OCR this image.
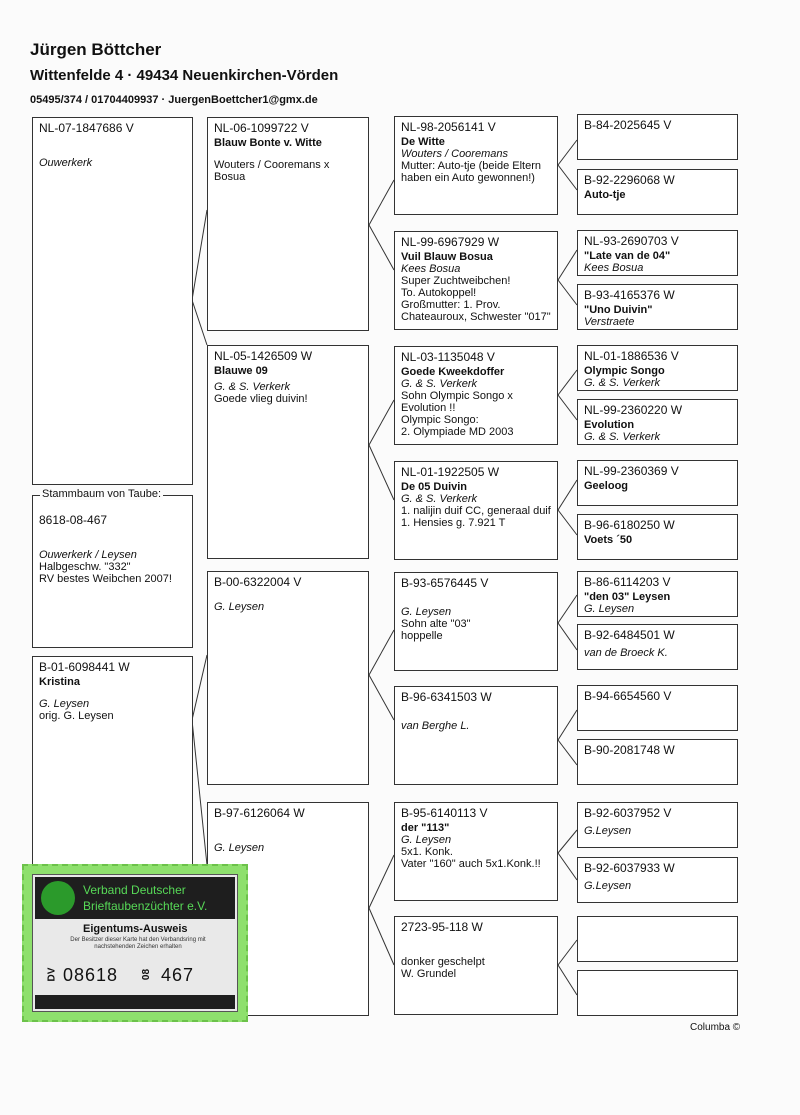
Jürgen Böttcher
Wittenfelde 4 · 49434 Neuenkirchen-Vörden
05495/374 / 01704409937 · JuergenBoettcher1@gmx.de
NL-07-1847686 V
Ouwerkerk
8618-08-467
Ouwerkerk / Leysen
Halbgeschw. "332"
RV bestes Weibchen 2007!
Stammbaum von Taube:
B-01-6098441 W
Kristina
G. Leysen
orig. G. Leysen
NL-06-1099722 V
Blauw Bonte v. Witte
Wouters / Cooremans x Bosua
NL-05-1426509 W
Blauwe 09
G. & S. Verkerk
Goede vlieg duivin!
B-00-6322004 V
G. Leysen
B-97-6126064 W
G. Leysen
NL-98-2056141 V
De Witte
Wouters / Cooremans
Mutter: Auto-tje (beide Eltern
haben ein Auto gewonnen!)
NL-99-6967929 W
Vuil Blauw Bosua
Kees Bosua
Super Zuchtweibchen!
To. Autokoppel!
Großmutter: 1. Prov.
Chateauroux, Schwester "017"
NL-03-1135048 V
Goede Kweekdoffer
G. & S. Verkerk
Sohn Olympic Songo x
Evolution !!
Olympic Songo:
2. Olympiade MD 2003
NL-01-1922505 W
De 05 Duivin
G. & S. Verkerk
1. nalijin duif CC, generaal duif
1. Hensies g. 7.921 T
B-93-6576445 V
G. Leysen
Sohn alte "03"
hoppelle
B-96-6341503 W
van Berghe L.
B-95-6140113 V
der "113"
G. Leysen
5x1. Konk.
Vater "160" auch 5x1.Konk.!!
2723-95-118 W
donker geschelpt
W. Grundel
B-84-2025645 V
B-92-2296068 W
Auto-tje
NL-93-2690703 V
"Late van de 04"
Kees Bosua
B-93-4165376 W
"Uno Duivin"
Verstraete
NL-01-1886536 V
Olympic Songo
G. & S. Verkerk
NL-99-2360220 W
Evolution
G. & S. Verkerk
NL-99-2360369 V
Geeloog
B-96-6180250 W
Voets ´50
B-86-6114203 V
"den 03" Leysen
G. Leysen
B-92-6484501 W
van de Broeck K.
B-94-6654560 V
B-90-2081748 W
B-92-6037952 V
G.Leysen
B-92-6037933 W
G.Leysen
Columba ©
Verband Deutscher
Brieftaubenzüchter e.V.
Eigentums-Ausweis
Der Besitzer dieser Karte hat den Verbandsring mit nachstehenden Zeichen erhalten
DV 08618 08 467
